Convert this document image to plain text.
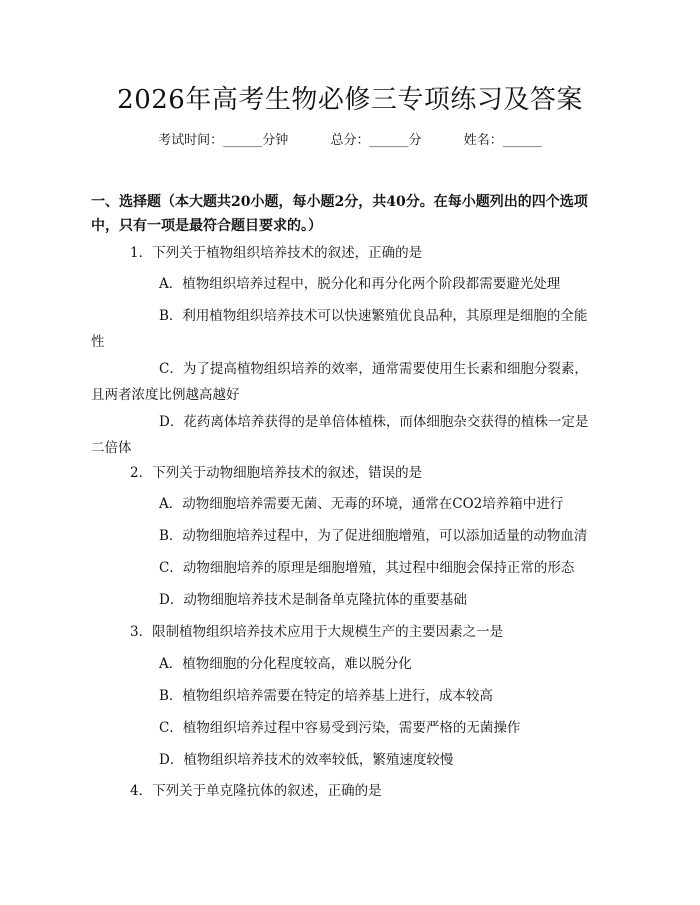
2026年高考生物必修三专项练习及答案
考试时间：______分钟	总分：______分	姓名：______
一、选择题（本大题共20小题，每小题2分，共40分。在每小题列出的四个选项中，只有一项是最符合题目要求的。）
1．下列关于植物组织培养技术的叙述，正确的是
A．植物组织培养过程中，脱分化和再分化两个阶段都需要避光处理
B．利用植物组织培养技术可以快速繁殖优良品种，其原理是细胞的全能性
C．为了提高植物组织培养的效率，通常需要使用生长素和细胞分裂素，且两者浓度比例越高越好
D．花药离体培养获得的是单倍体植株，而体细胞杂交获得的植株一定是二倍体
2．下列关于动物细胞培养技术的叙述，错误的是
A．动物细胞培养需要无菌、无毒的环境，通常在CO2培养箱中进行
B．动物细胞培养过程中，为了促进细胞增殖，可以添加适量的动物血清
C．动物细胞培养的原理是细胞增殖，其过程中细胞会保持正常的形态
D．动物细胞培养技术是制备单克隆抗体的重要基础
3．限制植物组织培养技术应用于大规模生产的主要因素之一是
A．植物细胞的分化程度较高，难以脱分化
B．植物组织培养需要在特定的培养基上进行，成本较高
C．植物组织培养过程中容易受到污染，需要严格的无菌操作
D．植物组织培养技术的效率较低，繁殖速度较慢
4．下列关于单克隆抗体的叙述，正确的是
